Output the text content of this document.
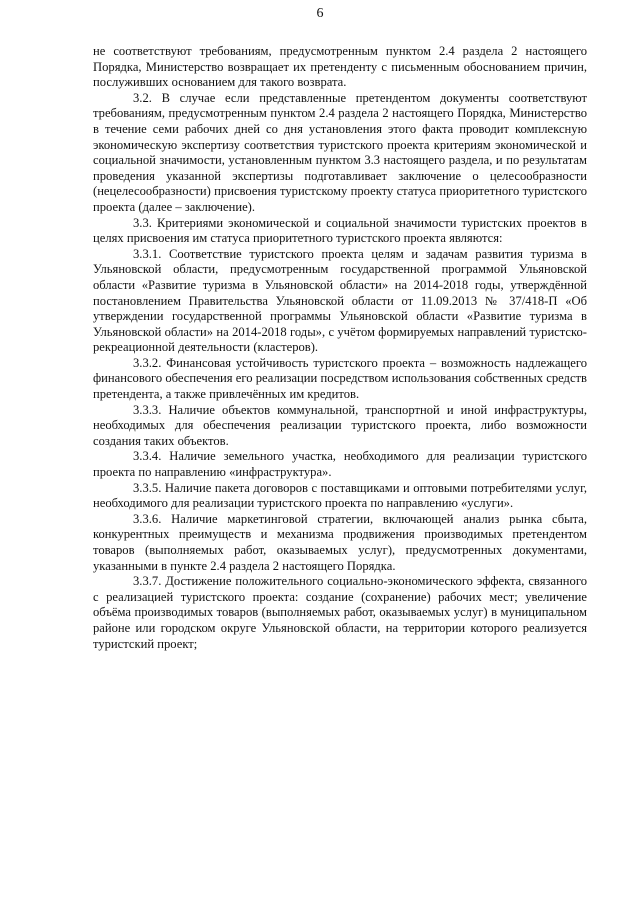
6

не соответствуют требованиям, предусмотренным пунктом 2.4 раздела 2 настоящего Порядка, Министерство возвращает их претенденту с письменным обоснованием причин, послуживших основанием для такого возврата.

3.2. В случае если представленные претендентом документы соответствуют требованиям, предусмотренным пунктом 2.4 раздела 2 настоящего Порядка, Министерство в течение семи рабочих дней со дня установления этого факта проводит комплексную экономическую экспертизу соответствия туристского проекта критериям экономической и социальной значимости, установленным пунктом 3.3 настоящего раздела, и по результатам проведения указанной экспертизы подготавливает заключение о целесообразности (нецелесообразности) присвоения туристскому проекту статуса приоритетного туристского проекта (далее – заключение).

3.3. Критериями экономической и социальной значимости туристских проектов в целях присвоения им статуса приоритетного туристского проекта являются:

3.3.1. Соответствие туристского проекта целям и задачам развития туризма в Ульяновской области, предусмотренным государственной программой Ульяновской области «Развитие туризма в Ульяновской области» на 2014-2018 годы, утверждённой постановлением Правительства Ульяновской области от 11.09.2013 № 37/418-П «Об утверждении государственной программы Ульяновской области «Развитие туризма в Ульяновской области» на 2014-2018 годы», с учётом формируемых направлений туристско-рекреационной деятельности (кластеров).

3.3.2. Финансовая устойчивость туристского проекта – возможность надлежащего финансового обеспечения его реализации посредством использования собственных средств претендента, а также привлечённых им кредитов.

3.3.3. Наличие объектов коммунальной, транспортной и иной инфраструктуры, необходимых для обеспечения реализации туристского проекта, либо возможности создания таких объектов.

3.3.4. Наличие земельного участка, необходимого для реализации туристского проекта по направлению «инфраструктура».

3.3.5. Наличие пакета договоров с поставщиками и оптовыми потребителями услуг, необходимого для реализации туристского проекта по направлению «услуги».

3.3.6. Наличие маркетинговой стратегии, включающей анализ рынка сбыта, конкурентных преимуществ и механизма продвижения производимых претендентом товаров (выполняемых работ, оказываемых услуг), предусмотренных документами, указанными в пункте 2.4 раздела 2 настоящего Порядка.

3.3.7. Достижение положительного социально-экономического эффекта, связанного с реализацией туристского проекта: создание (сохранение) рабочих мест; увеличение объёма производимых товаров (выполняемых работ, оказываемых услуг) в муниципальном районе или городском округе Ульяновской области, на территории которого реализуется туристский проект;
